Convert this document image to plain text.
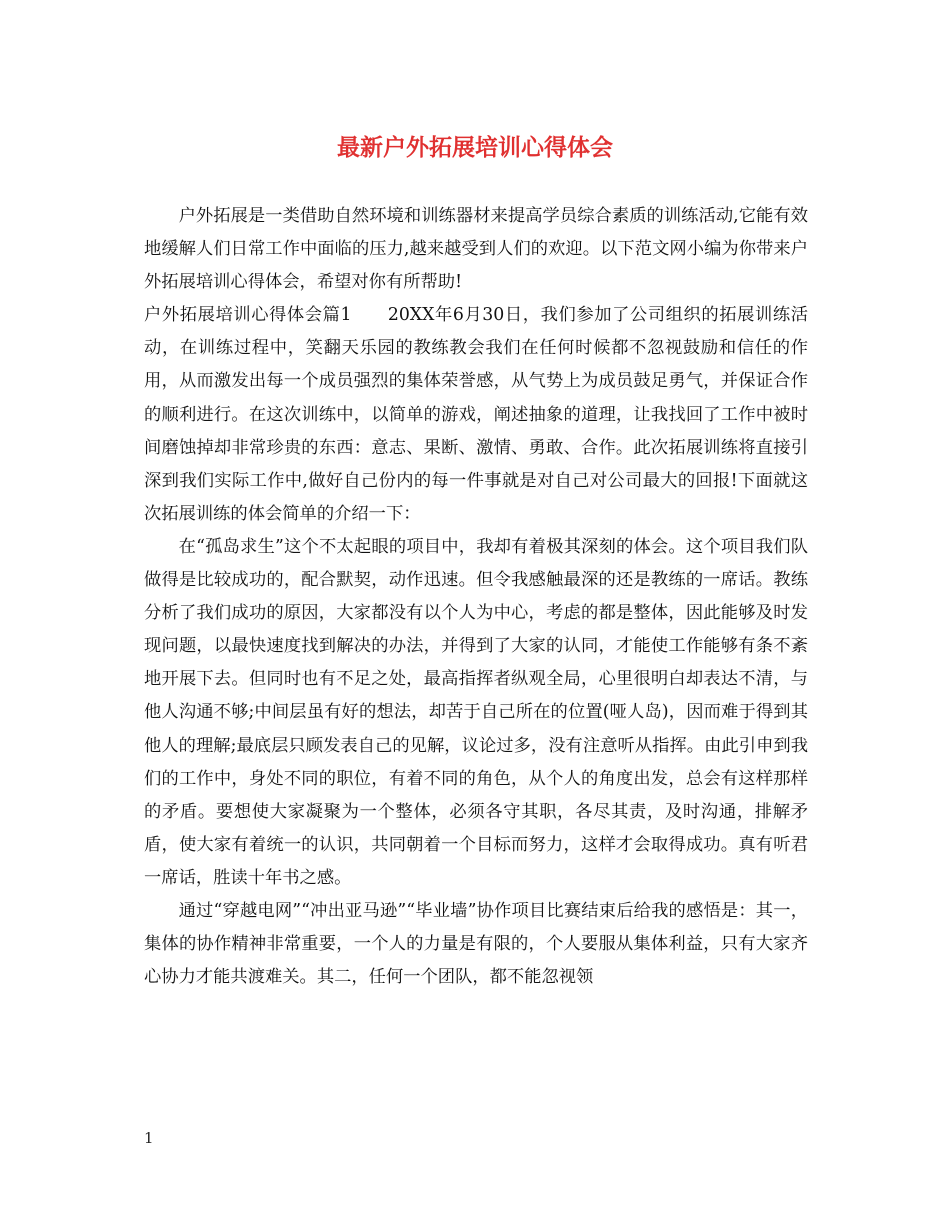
最新户外拓展培训心得体会

户外拓展是一类借助自然环境和训练器材来提高学员综合素质的训练活动,它能有效地缓解人们日常工作中面临的压力,越来越受到人们的欢迎。以下范文网小编为你带来户外拓展培训心得体会，希望对你有所帮助!

户外拓展培训心得体会篇1　　20XX年6月30日，我们参加了公司组织的拓展训练活动，在训练过程中，笑翻天乐园的教练教会我们在任何时候都不忽视鼓励和信任的作用，从而激发出每一个成员强烈的集体荣誉感，从气势上为成员鼓足勇气，并保证合作的顺利进行。在这次训练中，以简单的游戏，阐述抽象的道理，让我找回了工作中被时间磨蚀掉却非常珍贵的东西：意志、果断、激情、勇敢、合作。此次拓展训练将直接引深到我们实际工作中,做好自己份内的每一件事就是对自己对公司最大的回报!下面就这次拓展训练的体会简单的介绍一下：

在“孤岛求生”这个不太起眼的项目中，我却有着极其深刻的体会。这个项目我们队做得是比较成功的，配合默契，动作迅速。但令我感触最深的还是教练的一席话。教练分析了我们成功的原因，大家都没有以个人为中心，考虑的都是整体，因此能够及时发现问题，以最快速度找到解决的办法，并得到了大家的认同，才能使工作能够有条不紊地开展下去。但同时也有不足之处，最高指挥者纵观全局，心里很明白却表达不清，与他人沟通不够;中间层虽有好的想法，却苦于自己所在的位置(哑人岛)，因而难于得到其他人的理解;最底层只顾发表自己的见解，议论过多，没有注意听从指挥。由此引申到我们的工作中，身处不同的职位，有着不同的角色，从个人的角度出发，总会有这样那样的矛盾。要想使大家凝聚为一个整体，必须各守其职，各尽其责，及时沟通，排解矛盾，使大家有着统一的认识，共同朝着一个目标而努力，这样才会取得成功。真有听君一席话，胜读十年书之感。

通过“穿越电网”“冲出亚马逊”“毕业墙”协作项目比赛结束后给我的感悟是：其一，集体的协作精神非常重要，一个人的力量是有限的，个人要服从集体利益，只有大家齐心协力才能共渡难关。其二，任何一个团队，都不能忽视领

1
